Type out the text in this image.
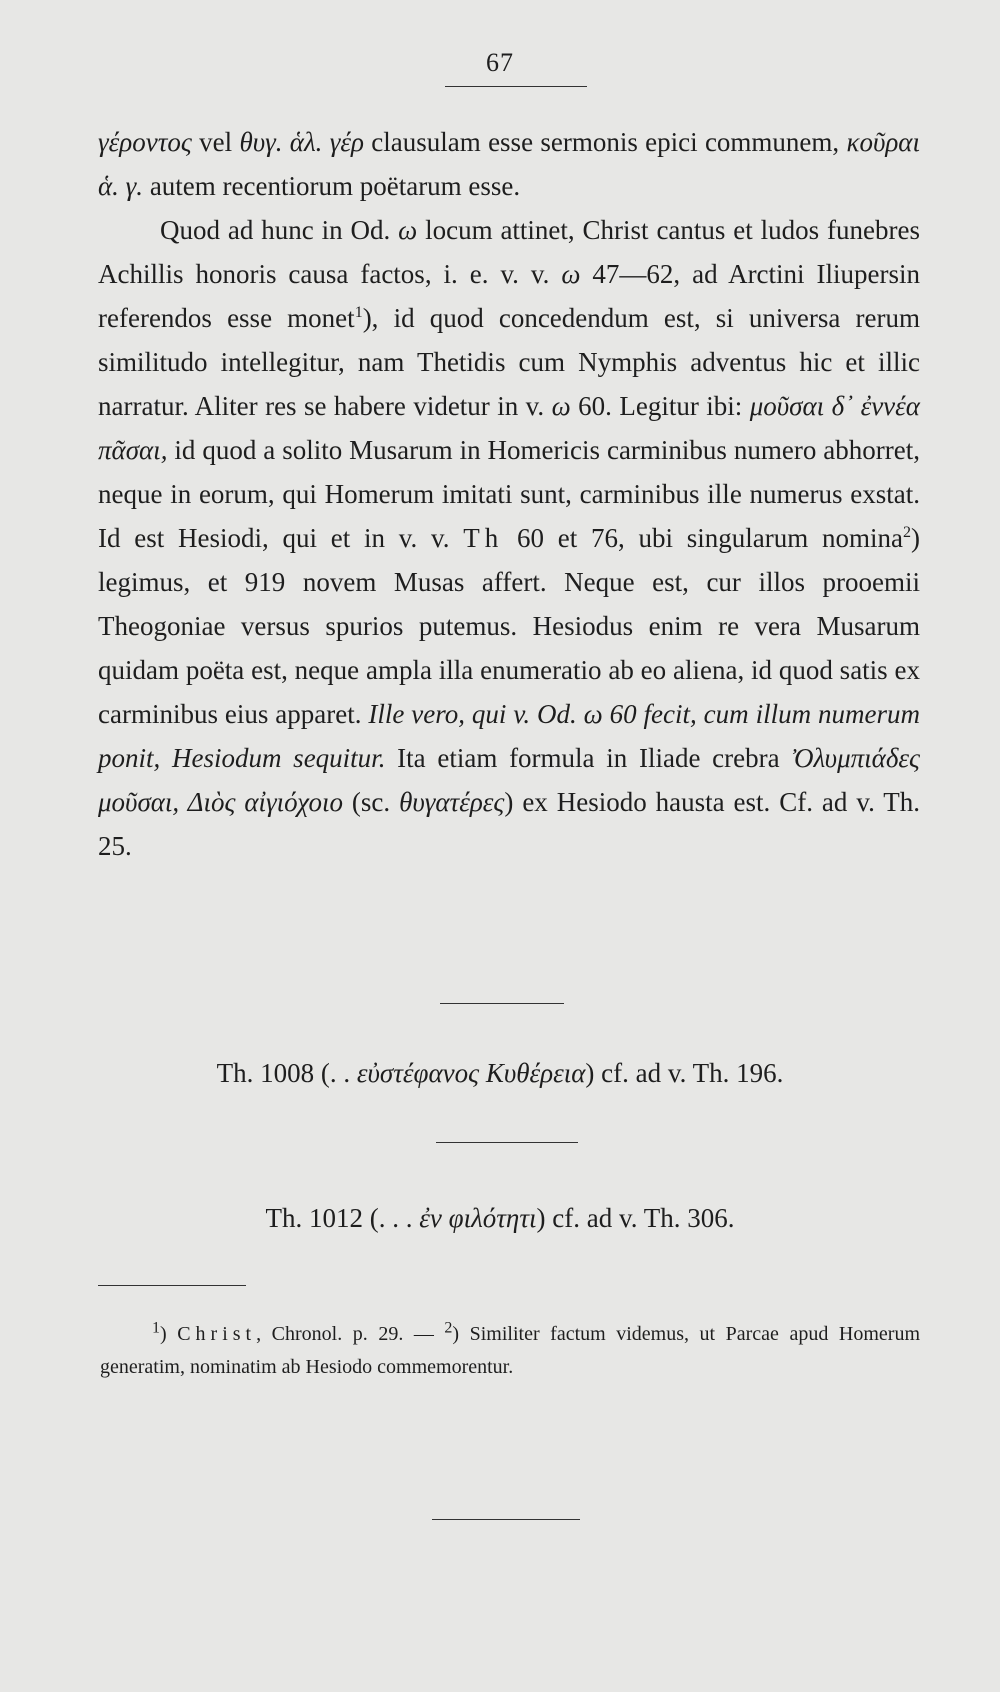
67

γέροντος vel θυγ. ἁλ. γέρ clausulam esse sermonis epici communem, κοῦραι ἁ. γ. autem recentiorum poëtarum esse.

Quod ad hunc in Od. ω locum attinet, Christ cantus et ludos funebres Achillis honoris causa factos, i. e. v. v. ω 47—62, ad Arctini Iliupersin referendos esse monet$^1$), id quod concedendum est, si universa rerum similitudo intellegitur, nam Thetidis cum Nymphis adventus hic et illic narratur. Aliter res se habere videtur in v. ω 60. Legitur ibi: μοῦσαι δ᾽ ἐννέα πᾶσαι, id quod a solito Musarum in Homericis carminibus numero abhorret, neque in eorum, qui Homerum imitati sunt, carminibus ille numerus exstat. Id est Hesiodi, qui et in v. v. Th 60 et 76, ubi singularum nomina$^2$) legimus, et 919 novem Musas affert. Neque est, cur illos prooemii Theogoniae versus spurios putemus. Hesiodus enim re vera Musarum quidam poëta est, neque ampla illa enumeratio ab eo aliena, id quod satis ex carminibus eius apparet. Ille vero, qui v. Od. ω 60 fecit, cum illum numerum ponit, Hesiodum sequitur. Ita etiam formula in Iliade crebra Ὀλυμπιάδες μοῦσαι, Διὸς αἰγιόχοιο (sc. θυγατέρες) ex Hesiodo hausta est. Cf. ad v. Th. 25.

Th. 1008 (. . εὐστέφανος Κυθέρεια) cf. ad v. Th. 196.
Th. 1012 (. . . ἐν φιλότητι) cf. ad v. Th. 306.

$^1$) Christ, Chronol. p. 29. — $^2$) Similiter factum videmus, ut Parcae apud Homerum generatim, nominatim ab Hesiodo commemorentur.
